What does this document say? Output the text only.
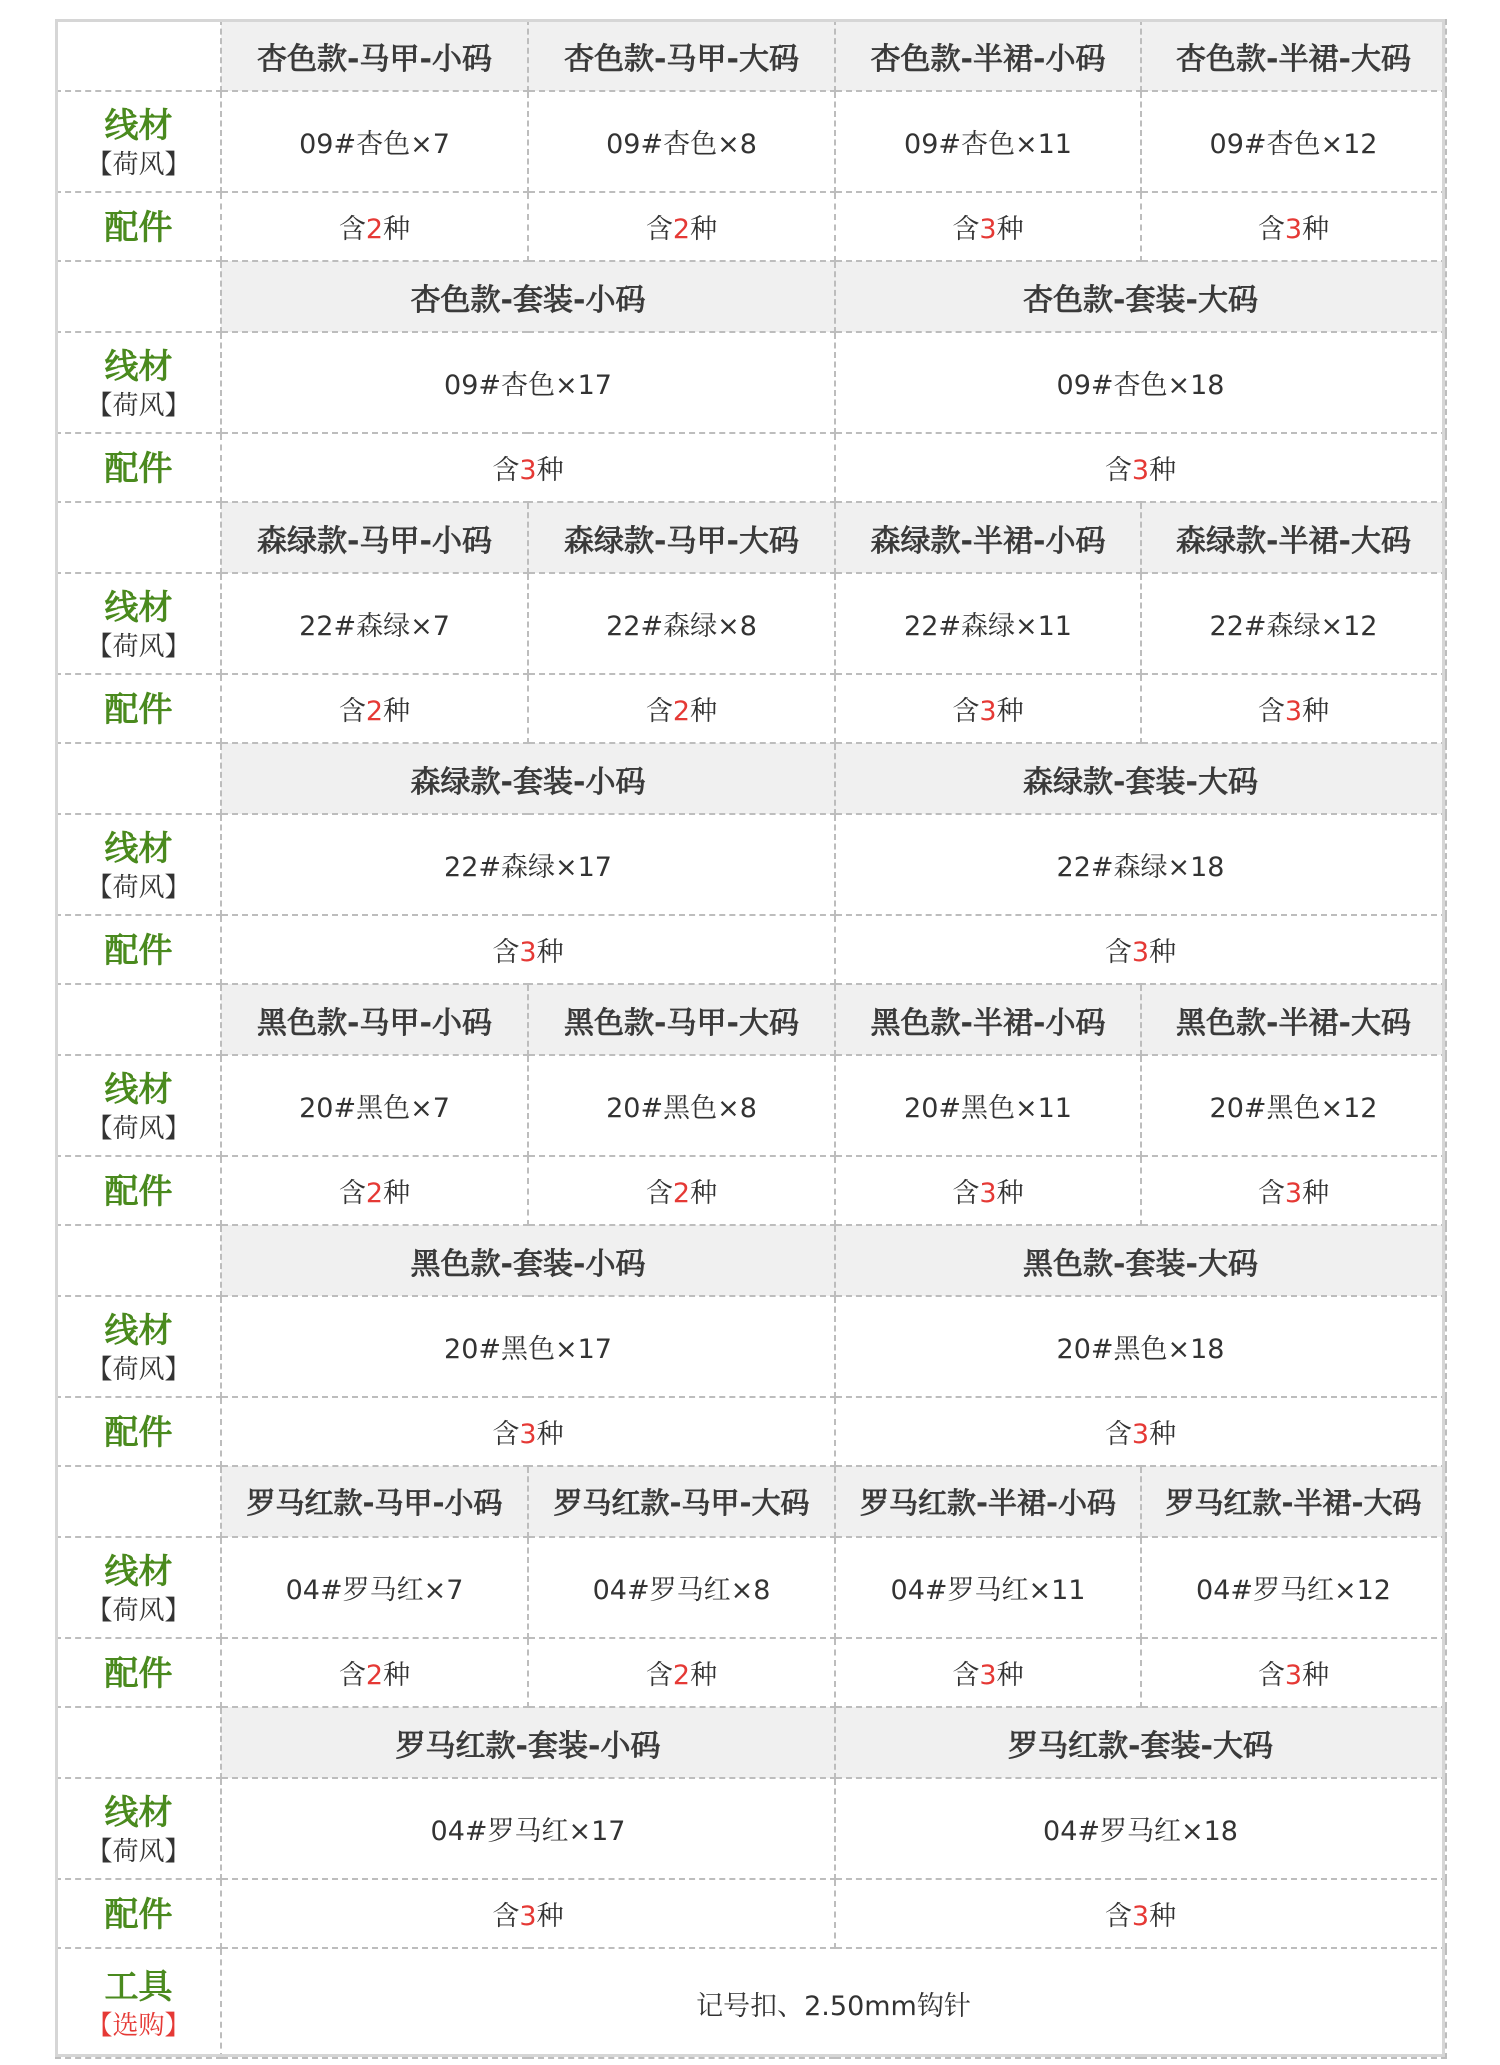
	杏色款-马甲-小码	杏色款-马甲-大码	杏色款-半裙-小码	杏色款-半裙-大码

线材
【荷风】	09#杏色×7	09#杏色×8	09#杏色×11	09#杏色×12

配件	含2种	含2种	含3种	含3种
	杏色款-套装-小码		杏色款-套装-大码	

线材
【荷风】	09#杏色×17		09#杏色×18	

配件	含3种		含3种	
	森绿款-马甲-小码	森绿款-马甲-大码	森绿款-半裙-小码	森绿款-半裙-大码

线材
【荷风】	22#森绿×7	22#森绿×8	22#森绿×11	22#森绿×12

配件	含2种	含2种	含3种	含3种
	森绿款-套装-小码		森绿款-套装-大码	

线材
【荷风】	22#森绿×17		22#森绿×18	

配件	含3种		含3种	
	黑色款-马甲-小码	黑色款-马甲-大码	黑色款-半裙-小码	黑色款-半裙-大码

线材
【荷风】	20#黑色×7	20#黑色×8	20#黑色×11	20#黑色×12

配件	含2种	含2种	含3种	含3种
	黑色款-套装-小码		黑色款-套装-大码	

线材
【荷风】	20#黑色×17		20#黑色×18	

配件	含3种		含3种	
	罗马红款-马甲-小码	罗马红款-马甲-大码	罗马红款-半裙-小码	罗马红款-半裙-大码

线材
【荷风】	04#罗马红×7	04#罗马红×8	04#罗马红×11	04#罗马红×12

配件	含2种	含2种	含3种	含3种
	罗马红款-套装-小码		罗马红款-套装-大码	

线材
【荷风】	04#罗马红×17		04#罗马红×18	

配件	含3种		含3种	

工具
【选购】	记号扣、2.50mm钩针			
